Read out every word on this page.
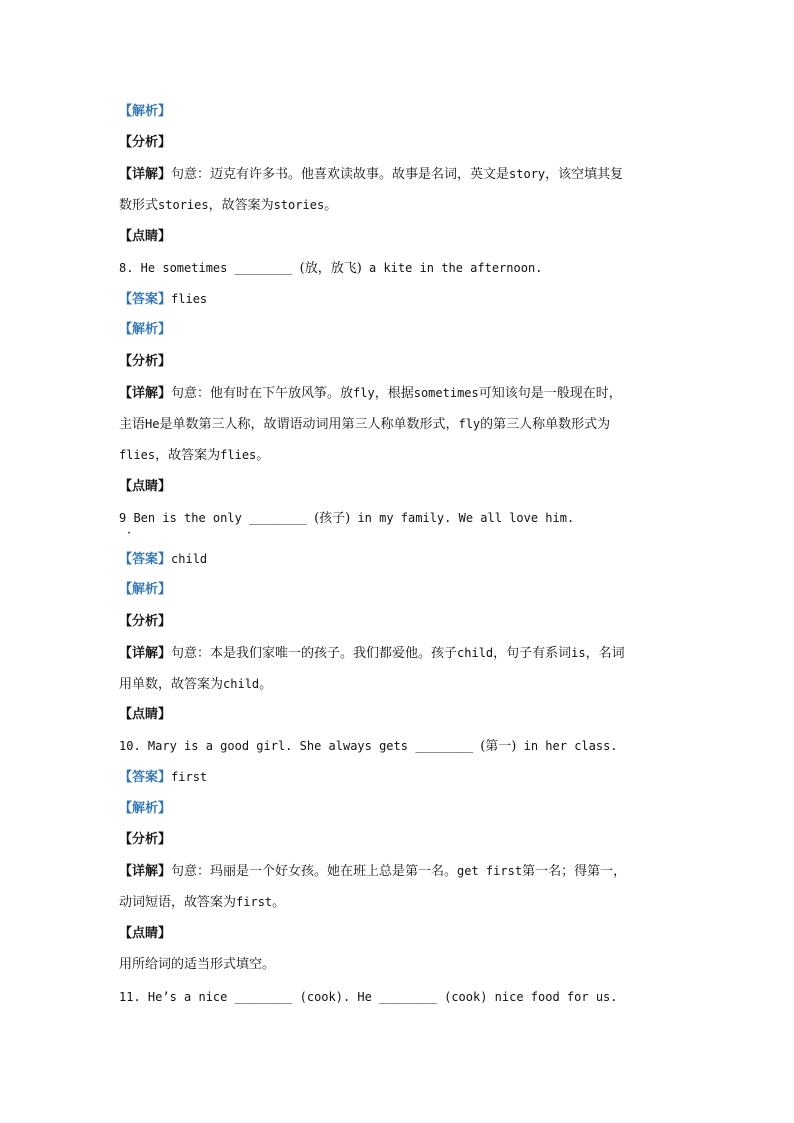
【解析】
【分析】
【详解】句意：迈克有许多书。他喜欢读故事。故事是名词，英文是story，该空填其复
数形式stories，故答案为stories。
【点睛】
8. He sometimes ________ (放，放飞) a kite in the afternoon.
【答案】flies
【解析】
【分析】
【详解】句意：他有时在下午放风筝。放fly，根据sometimes可知该句是一般现在时，
主语He是单数第三人称，故谓语动词用第三人称单数形式，fly的第三人称单数形式为
flies，故答案为flies。
【点睛】
9 Ben is the only ________ (孩子) in my family. We all love him.
·
【答案】child
【解析】
【分析】
【详解】句意：本是我们家唯一的孩子。我们都爱他。孩子child，句子有系词is，名词
用单数，故答案为child。
【点睛】
10. Mary is a good girl. She always gets ________ (第一) in her class.
【答案】first
【解析】
【分析】
【详解】句意：玛丽是一个好女孩。她在班上总是第一名。get first第一名；得第一，
动词短语，故答案为first。
【点睛】
用所给词的适当形式填空。
11. He’s a nice ________ (cook). He ________ (cook) nice food for us.
